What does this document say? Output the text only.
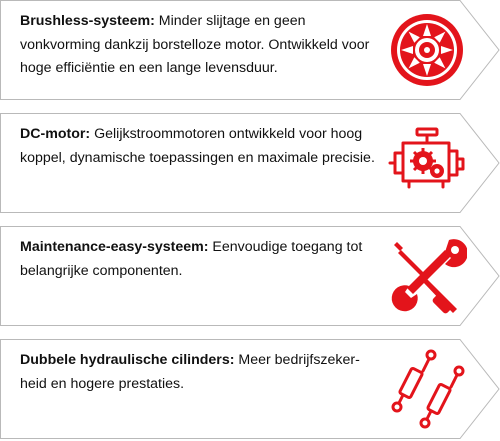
Brushless-systeem: Minder slijtage en geen vonkvorming dankzij borstelloze motor. Ontwikkeld voor hoge efficiëntie en een lange levensduur.
DC-motor: Gelijkstroommotoren ontwikkeld voor hoog koppel, dynamische toepassingen en maximale precisie.
Maintenance-easy-systeem: Eenvoudige toegang tot belangrijke componenten.
Dubbele hydraulische cilinders: Meer bedrijfszekerheid en hogere prestaties.
